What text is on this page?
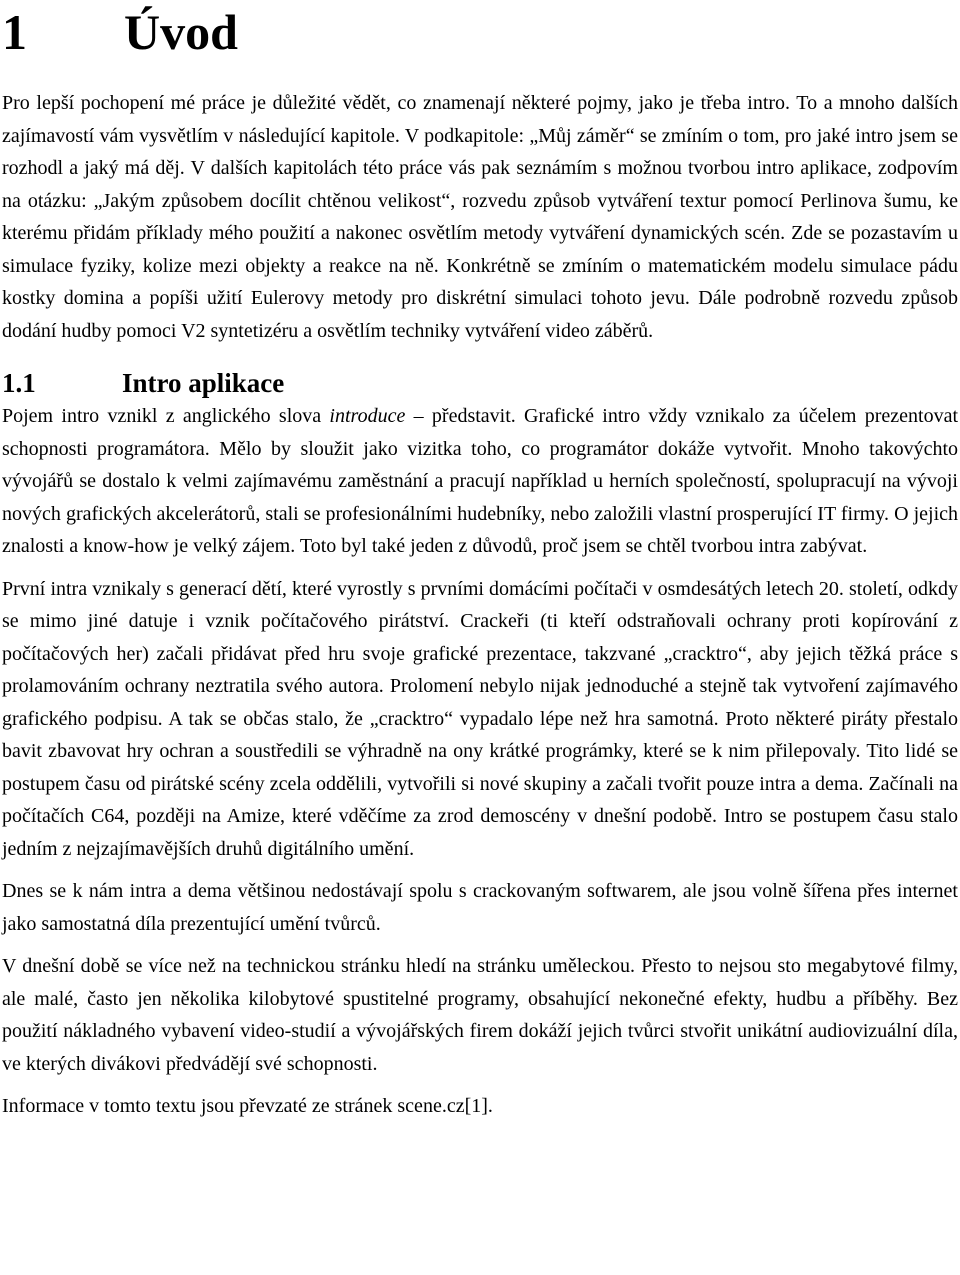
1	Úvod

Pro lepší pochopení mé práce je důležité vědět, co znamenají některé pojmy, jako je třeba intro. To a mnoho dalších zajímavostí vám vysvětlím v následující kapitole. V podkapitole: „Můj záměr“ se zmíním o tom, pro jaké intro jsem se rozhodl a jaký má děj. V dalších kapitolách této práce vás pak seznámím s možnou tvorbou intro aplikace, zodpovím na otázku: „Jakým způsobem docílit chtěnou velikost“, rozvedu způsob vytváření textur pomocí Perlinova šumu, ke kterému přidám příklady mého použití a nakonec osvětlím metody vytváření dynamických scén. Zde se pozastavím u simulace fyziky, kolize mezi objekty a reakce na ně. Konkrétně se zmíním o matematickém modelu simulace pádu kostky domina a popíši užití Eulerovy metody pro diskrétní simulaci tohoto jevu. Dále podrobně rozvedu způsob dodání hudby pomoci V2 syntetizéru a osvětlím techniky vytváření video záběrů.

1.1	Intro aplikace

Pojem intro vznikl z anglického slova introduce – představit. Grafické intro vždy vznikalo za účelem prezentovat schopnosti programátora. Mělo by sloužit jako vizitka toho, co programátor dokáže vytvořit. Mnoho takovýchto vývojářů se dostalo k velmi zajímavému zaměstnání a pracují například u herních společností, spolupracují na vývoji nových grafických akcelerátorů, stali se profesionálními hudebníky, nebo založili vlastní prosperující IT firmy. O jejich znalosti a know-how je velký zájem. Toto byl také jeden z důvodů, proč jsem se chtěl tvorbou intra zabývat.

První intra vznikaly s generací dětí, které vyrostly s prvními domácími počítači v osmdesátých letech 20. století, odkdy se mimo jiné datuje i vznik počítačového pirátství. Crackeři (ti kteří odstraňovali ochrany proti kopírování z počítačových her) začali přidávat před hru svoje grafické prezentace, takzvané „cracktro“, aby jejich těžká práce s prolamováním ochrany neztratila svého autora. Prolomení nebylo nijak jednoduché a stejně tak vytvoření zajímavého grafického podpisu. A tak se občas stalo, že „cracktro“ vypadalo lépe než hra samotná. Proto některé piráty přestalo bavit zbavovat hry ochran a soustředili se výhradně na ony krátké prográmky, které se k nim přilepovaly. Tito lidé se postupem času od pirátské scény zcela oddělili, vytvořili si nové skupiny a začali tvořit pouze intra a dema. Začínali na počítačích C64, později na Amize, které vděčíme za zrod demoscény v dnešní podobě. Intro se postupem času stalo jedním z nejzajímavějších druhů digitálního umění.

Dnes se k nám intra a dema většinou nedostávají spolu s crackovaným softwarem, ale jsou volně šířena přes internet jako samostatná díla prezentující umění tvůrců.

V dnešní době se více než na technickou stránku hledí na stránku uměleckou. Přesto to nejsou sto megabytové filmy, ale malé, často jen několika kilobytové spustitelné programy, obsahující nekonečné efekty, hudbu a příběhy. Bez použití nákladného vybavení video-studií a vývojářských firem dokáží jejich tvůrci stvořit unikátní audiovizuální díla, ve kterých divákovi předvádějí své schopnosti.

Informace v tomto textu jsou převzaté ze stránek scene.cz[1].
